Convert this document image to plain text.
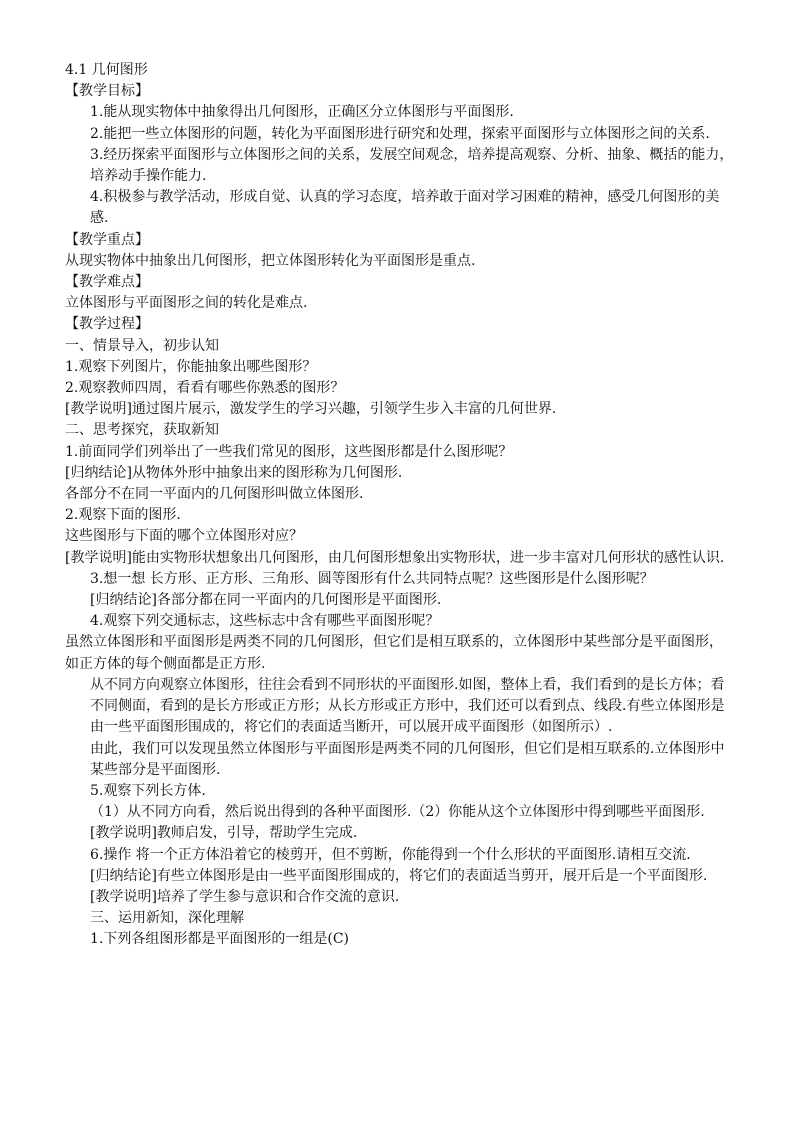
4.1 几何图形

【教学目标】

1.能从现实物体中抽象得出几何图形，正确区分立体图形与平面图形.

2.能把一些立体图形的问题，转化为平面图形进行研究和处理，探索平面图形与立体图形之间的关系.

3.经历探索平面图形与立体图形之间的关系，发展空间观念，培养提高观察、分析、抽象、概括的能力，培养动手操作能力.

4.积极参与教学活动，形成自觉、认真的学习态度，培养敢于面对学习困难的精神，感受几何图形的美感.

【教学重点】

从现实物体中抽象出几何图形，把立体图形转化为平面图形是重点.

【教学难点】

立体图形与平面图形之间的转化是难点.

【教学过程】

一、情景导入，初步认知

1.观察下列图片，你能抽象出哪些图形？

2.观察教师四周，看看有哪些你熟悉的图形？

[教学说明]通过图片展示，激发学生的学习兴趣，引领学生步入丰富的几何世界.

二、思考探究，获取新知

1.前面同学们列举出了一些我们常见的图形，这些图形都是什么图形呢？

[归纳结论]从物体外形中抽象出来的图形称为几何图形.

各部分不在同一平面内的几何图形叫做立体图形.

2.观察下面的图形.

这些图形与下面的哪个立体图形对应？

[教学说明]能由实物形状想象出几何图形，由几何图形想象出实物形状，进一步丰富对几何形状的感性认识.

3.想一想 长方形、正方形、三角形、圆等图形有什么共同特点呢？这些图形是什么图形呢？

[归纳结论]各部分都在同一平面内的几何图形是平面图形.

4.观察下列交通标志，这些标志中含有哪些平面图形呢？

虽然立体图形和平面图形是两类不同的几何图形，但它们是相互联系的，立体图形中某些部分是平面图形，如正方体的每个侧面都是正方形.

从不同方向观察立体图形，往往会看到不同形状的平面图形.如图，整体上看，我们看到的是长方体；看不同侧面，看到的是长方形或正方形；从长方形或正方形中，我们还可以看到点、线段.有些立体图形是由一些平面图形围成的，将它们的表面适当断开，可以展开成平面图形（如图所示）.

由此，我们可以发现虽然立体图形与平面图形是两类不同的几何图形，但它们是相互联系的.立体图形中某些部分是平面图形.

5.观察下列长方体.

（1）从不同方向看，然后说出得到的各种平面图形.（2）你能从这个立体图形中得到哪些平面图形.

[教学说明]教师启发，引导，帮助学生完成.

6.操作 将一个正方体沿着它的棱剪开，但不剪断，你能得到一个什么形状的平面图形.请相互交流.

[归纳结论]有些立体图形是由一些平面图形围成的，将它们的表面适当剪开，展开后是一个平面图形.

[教学说明]培养了学生参与意识和合作交流的意识.

三、运用新知，深化理解

1.下列各组图形都是平面图形的一组是(C)
